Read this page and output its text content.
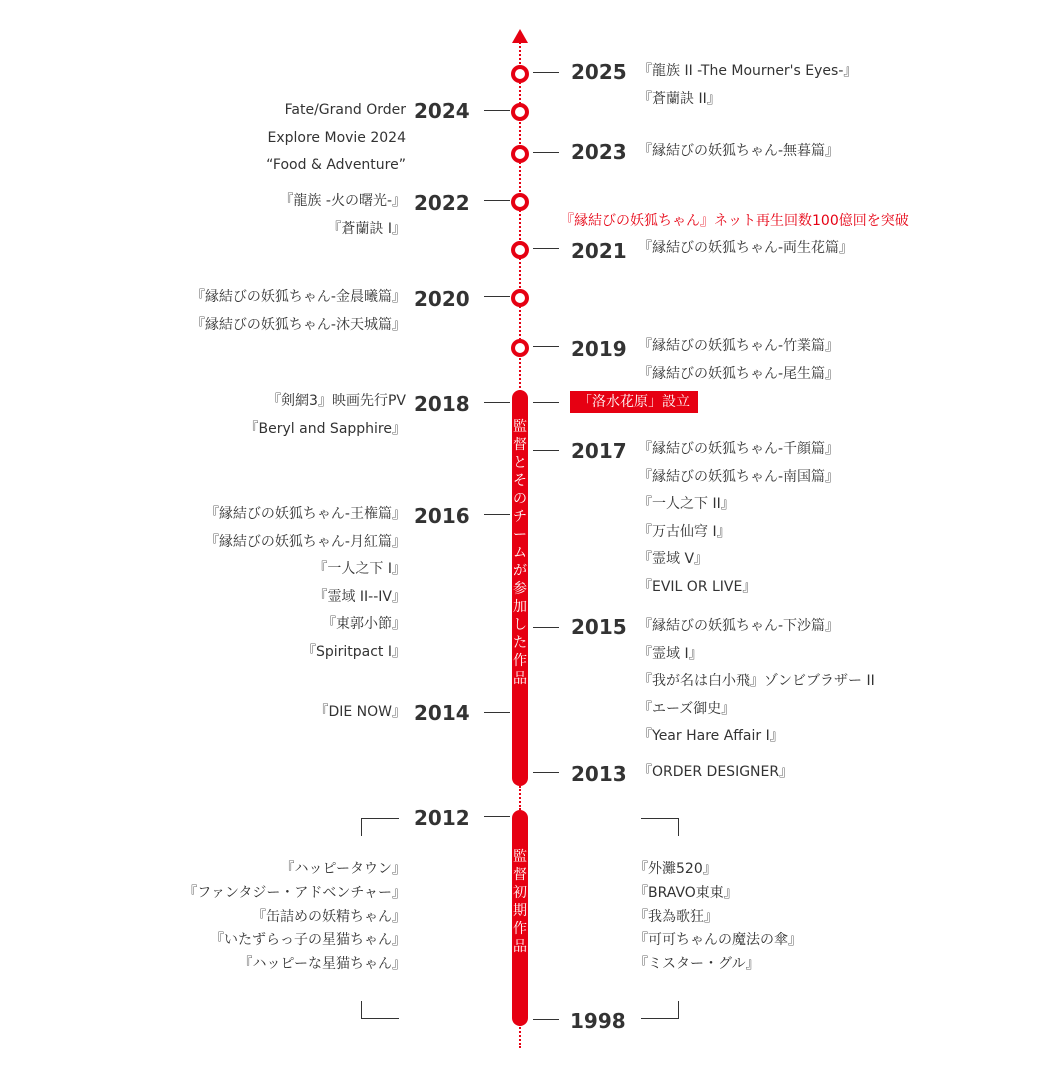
監督とそのチームが参加した作品
監督初期作品
2025
2024
2023
2022
2021
2020
2019
2018
2017
2016
2015
2014
2013
2012
1998
『龍族 II -The Mourner's Eyes-』
『蒼蘭訣 II』
Fate/Grand Order
Explore Movie 2024
“Food & Adventure”
『縁結びの妖狐ちゃん-無暮篇』
『龍族 -火の曙光-』
『蒼蘭訣 I』	『縁結びの妖狐ちゃん』ネット再生回数100億回を突破
『縁結びの妖狐ちゃん-両生花篇』
『縁結びの妖狐ちゃん-金晨曦篇』
『縁結びの妖狐ちゃん-沐天城篇』
『縁結びの妖狐ちゃん-竹業篇』
『縁結びの妖狐ちゃん-尾生篇』
『剣網3』映画先行PV
『Beryl and Sapphire』
「洛水花原」設立
『縁結びの妖狐ちゃん-千顔篇』
『縁結びの妖狐ちゃん-南国篇』
『一人之下 II』
『万古仙穹 I』
『霊域 V』
『EVIL OR LIVE』
『縁結びの妖狐ちゃん-王権篇』
『縁結びの妖狐ちゃん-月紅篇』
『一人之下 I』
『霊域 II--IV』
『東郭小節』
『Spiritpact I』
『縁結びの妖狐ちゃん-下沙篇』
『霊域 I』
『我が名は白小飛』ゾンビブラザー II
『エーズ御史』
『Year Hare Affair I』
『DIE NOW』
『ORDER DESIGNER』
『ハッピータウン』
『ファンタジー・アドベンチャー』
『缶詰めの妖精ちゃん』
『いたずらっ子の星猫ちゃん』
『ハッピーな星猫ちゃん』
『外灘520』
『BRAVO東東』
『我為歌狂』
『可可ちゃんの魔法の傘』
『ミスター・グル』
